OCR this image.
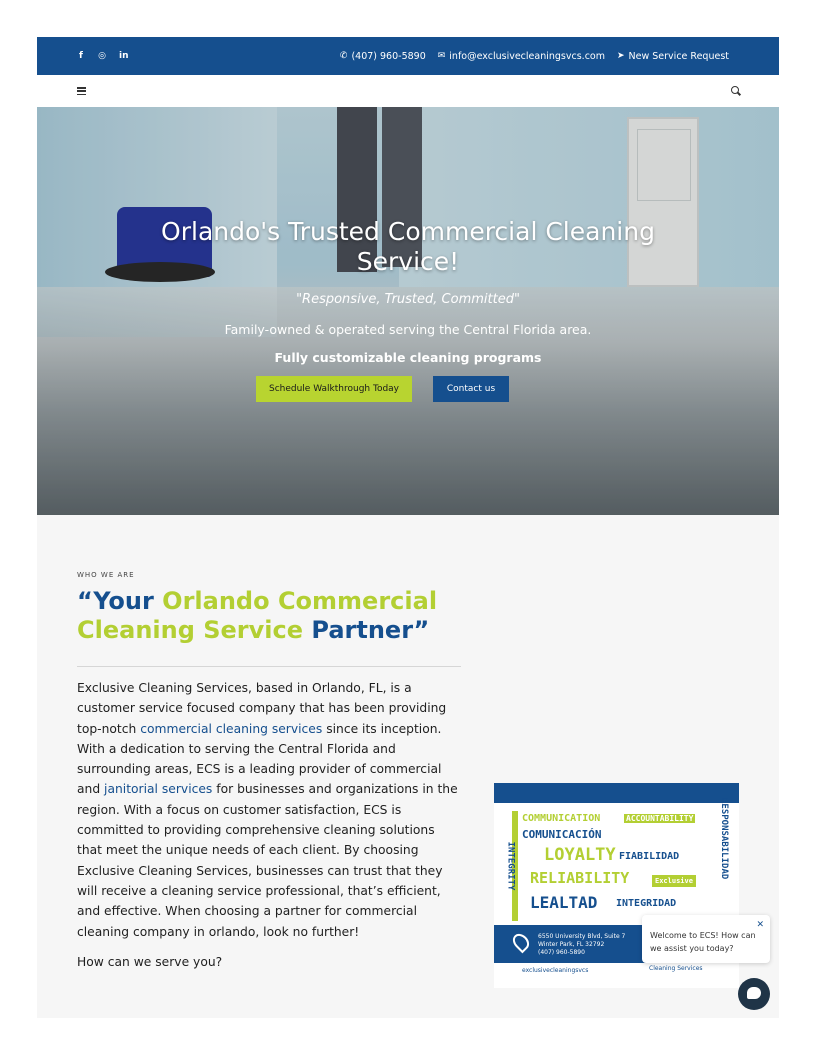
f ◎ in	✆ (407) 960-5890 ✉ info@exclusivecleaningsvcs.com ➤ New Service Request
Orlando's Trusted Commercial Cleaning Service!
"Responsive, Trusted, Committed"
Family-owned & operated serving the Central Florida area.
Fully customizable cleaning programs
Schedule Walkthrough Today	Contact us
WHO WE ARE
“Your Orlando Commercial Cleaning Service Partner”

Exclusive Cleaning Services, based in Orlando, FL, is a customer service focused company that has been providing top-notch commercial cleaning services since its inception. With a dedication to serving the Central Florida and surrounding areas, ECS is a leading provider of commercial and janitorial services for businesses and organizations in the region. With a focus on customer satisfaction, ECS is committed to providing comprehensive cleaning solutions that meet the unique needs of each client. By choosing Exclusive Cleaning Services, businesses can trust that they will receive a cleaning service professional, that’s efficient, and effective. When choosing a partner for commercial cleaning company in orlando, look no further!

How can we serve you?

COMMUNICATION	ACCOUNTABILITY
COMUNICACIÓN
LOYALTY FIABILIDAD
RELIABILITY	Exclusive
LEALTAD INTEGRIDAD
INTEGRITY	RESPONSABILIDAD
6550 University Blvd, Suite 7
Winter Park, FL 32792
(407) 960-5890
exclusivecleaningsvcs	Cleaning Services
✕
Welcome to ECS! How can we assist you today?
